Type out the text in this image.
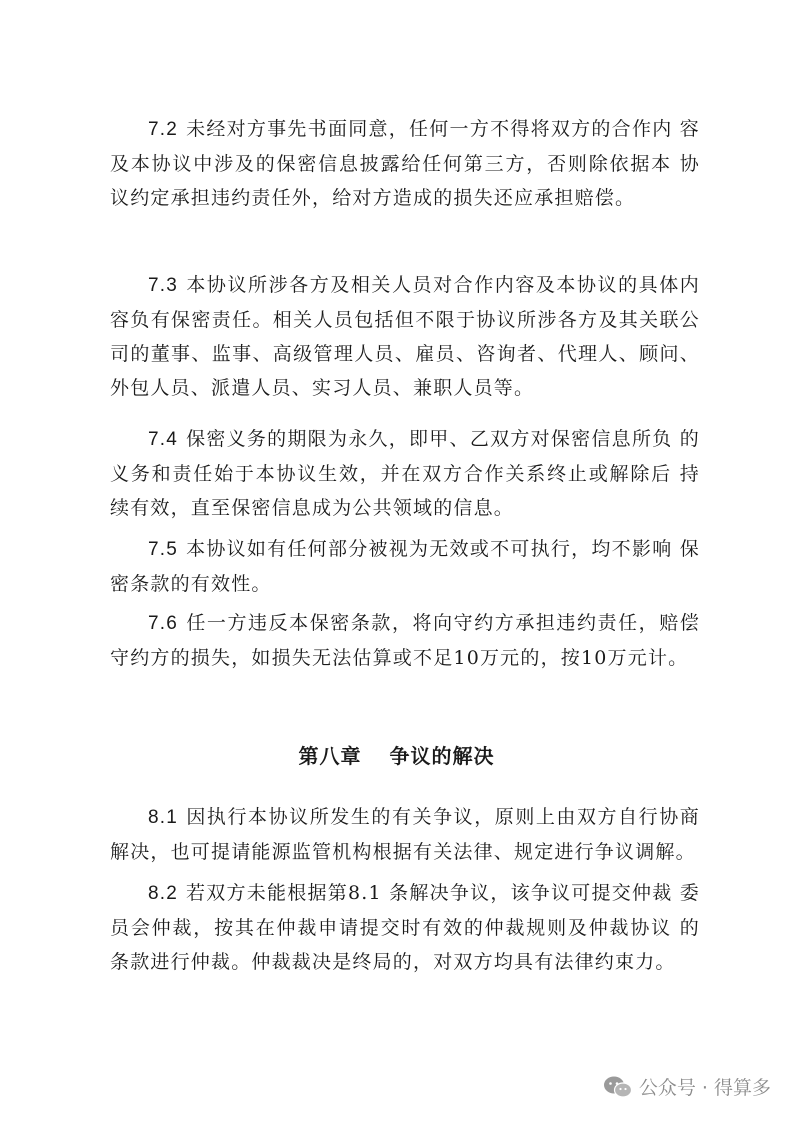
7.2 未经对方事先书面同意，任何一方不得将双方的合作内 容及本协议中涉及的保密信息披露给任何第三方，否则除依据本 协议约定承担违约责任外，给对方造成的损失还应承担赔偿。

7.3 本协议所涉各方及相关人员对合作内容及本协议的具体内容负有保密责任。相关人员包括但不限于协议所涉各方及其关联公司的董事、监事、高级管理人员、雇员、咨询者、代理人、顾问、外包人员、派遣人员、实习人员、兼职人员等。

7.4 保密义务的期限为永久，即甲、乙双方对保密信息所负 的义务和责任始于本协议生效，并在双方合作关系终止或解除后 持续有效，直至保密信息成为公共领域的信息。

7.5 本协议如有任何部分被视为无效或不可执行，均不影响 保密条款的有效性。

7.6 任一方违反本保密条款，将向守约方承担违约责任，赔偿守约方的损失，如损失无法估算或不足10万元的，按10万元计。

第八章 争议的解决

8.1 因执行本协议所发生的有关争议，原则上由双方自行协商解决，也可提请能源监管机构根据有关法律、规定进行争议调解。

8.2 若双方未能根据第8.1 条解决争议，该争议可提交仲裁 委员会仲裁，按其在仲裁申请提交时有效的仲裁规则及仲裁协议 的条款进行仲裁。仲裁裁决是终局的，对双方均具有法律约束力。

公众号 · 得算多
